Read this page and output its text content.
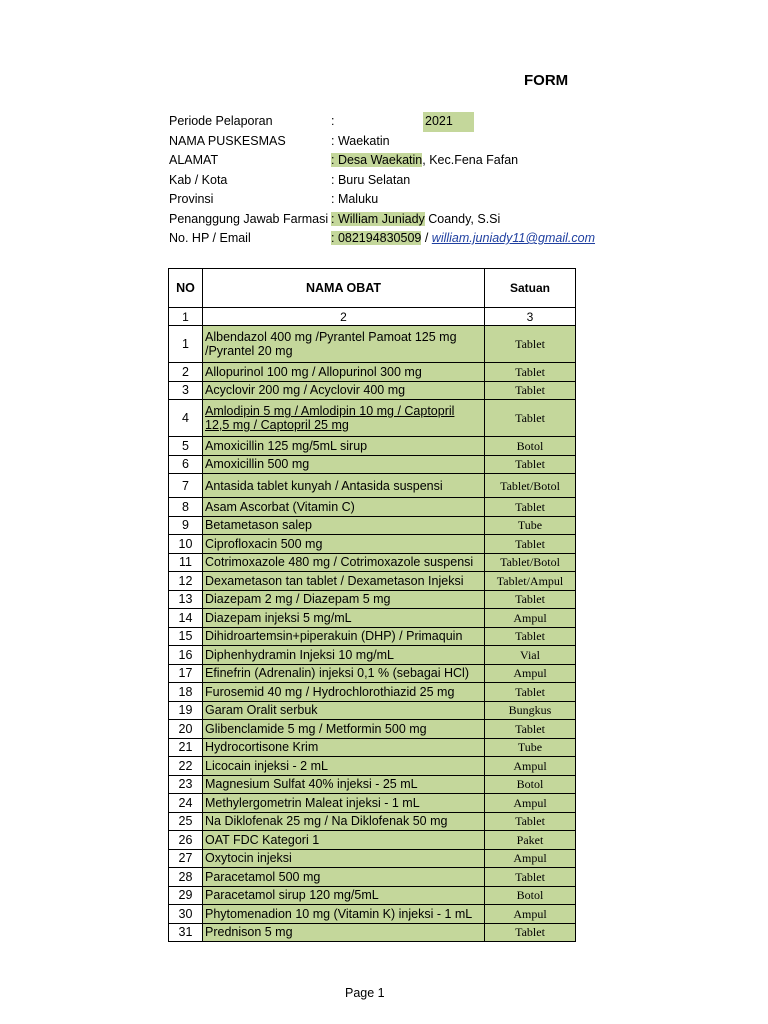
FORM
Periode Pelaporan	:	2021
NAMA PUSKESMAS	: Waekatin
ALAMAT	: Desa Waekatin, Kec.Fena Fafan
Kab / Kota	: Buru Selatan
Provinsi	: Maluku
Penanggung Jawab Farmasi : William Juniady Coandy, S.Si
No. HP / Email	: 082194830509 / william.juniady11@gmail.com
NO	NAMA OBAT	Satuan
1	2	3
1	Albendazol 400 mg /Pyrantel Pamoat 125 mg /Pyrantel 20 mg	Tablet
2	Allopurinol 100 mg / Allopurinol 300 mg	Tablet
3	Acyclovir 200 mg / Acyclovir 400 mg	Tablet
4	Amlodipin 5 mg / Amlodipin 10 mg / Captopril 12,5 mg / Captopril 25 mg	Tablet
5	Amoxicillin 125 mg/5mL sirup	Botol
6	Amoxicillin 500 mg	Tablet
7	Antasida tablet kunyah / Antasida suspensi	Tablet/Botol
8	Asam Ascorbat (Vitamin C)	Tablet
9	Betametason salep	Tube
10	Ciprofloxacin 500 mg	Tablet
11	Cotrimoxazole 480 mg / Cotrimoxazole suspensi	Tablet/Botol
12	Dexametason tan tablet / Dexametason Injeksi	Tablet/Ampul
13	Diazepam 2 mg / Diazepam 5 mg	Tablet
14	Diazepam injeksi 5 mg/mL	Ampul
15	Dihidroartemsin+piperakuin (DHP) / Primaquin	Tablet
16	Diphenhydramin Injeksi 10 mg/mL	Vial
17	Efinefrin (Adrenalin) injeksi 0,1 % (sebagai HCl)	Ampul
18	Furosemid 40 mg / Hydrochlorothiazid 25 mg	Tablet
19	Garam Oralit serbuk	Bungkus
20	Glibenclamide 5 mg / Metformin 500 mg	Tablet
21	Hydrocortisone Krim	Tube
22	Licocain injeksi - 2 mL	Ampul
23	Magnesium Sulfat 40% injeksi - 25 mL	Botol
24	Methylergometrin Maleat injeksi - 1 mL	Ampul
25	Na Diklofenak 25 mg / Na Diklofenak 50 mg	Tablet
26	OAT FDC Kategori 1	Paket
27	Oxytocin injeksi	Ampul
28	Paracetamol 500 mg	Tablet
29	Paracetamol sirup 120 mg/5mL	Botol
30	Phytomenadion 10 mg (Vitamin K) injeksi - 1 mL	Ampul
31	Prednison 5 mg	Tablet
Page 1
